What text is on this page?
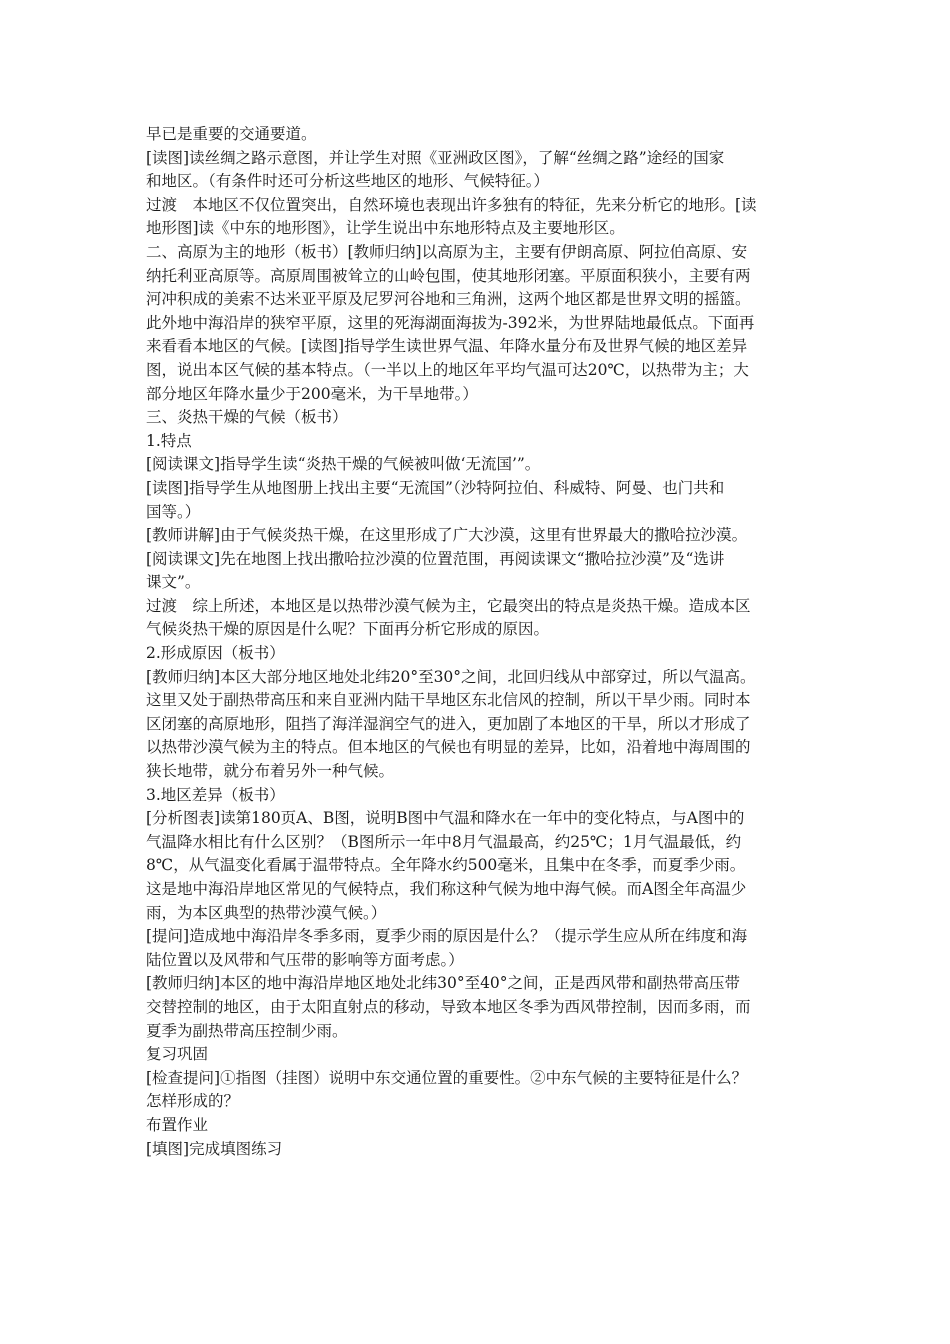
早已是重要的交通要道。
[读图]读丝绸之路示意图，并让学生对照《亚洲政区图》，了解“丝绸之路”途经的国家
和地区。（有条件时还可分析这些地区的地形、气候特征。）
过渡　本地区不仅位置突出，自然环境也表现出许多独有的特征，先来分析它的地形。[读
地形图]读《中东的地形图》，让学生说出中东地形特点及主要地形区。
二、高原为主的地形（板书）[教师归纳]以高原为主，主要有伊朗高原、阿拉伯高原、安
纳托利亚高原等。高原周围被耸立的山岭包围，使其地形闭塞。平原面积狭小，主要有两
河冲积成的美索不达米亚平原及尼罗河谷地和三角洲，这两个地区都是世界文明的摇篮。
此外地中海沿岸的狭窄平原，这里的死海湖面海拔为-392米，为世界陆地最低点。下面再
来看看本地区的气候。[读图]指导学生读世界气温、年降水量分布及世界气候的地区差异
图，说出本区气候的基本特点。（一半以上的地区年平均气温可达20℃，以热带为主；大
部分地区年降水量少于200毫米，为干旱地带。）
三、炎热干燥的气候（板书）
1.特点
[阅读课文]指导学生读“炎热干燥的气候被叫做‘无流国’”。
[读图]指导学生从地图册上找出主要“无流国”（沙特阿拉伯、科威特、阿曼、也门共和
国等。）
[教师讲解]由于气候炎热干燥，在这里形成了广大沙漠，这里有世界最大的撒哈拉沙漠。
[阅读课文]先在地图上找出撒哈拉沙漠的位置范围，再阅读课文“撒哈拉沙漠”及“选讲
课文”。
过渡　综上所述，本地区是以热带沙漠气候为主，它最突出的特点是炎热干燥。造成本区
气候炎热干燥的原因是什么呢？下面再分析它形成的原因。
2.形成原因（板书）
[教师归纳]本区大部分地区地处北纬20°至30°之间，北回归线从中部穿过，所以气温高。
这里又处于副热带高压和来自亚洲内陆干旱地区东北信风的控制，所以干旱少雨。同时本
区闭塞的高原地形，阻挡了海洋湿润空气的进入，更加剧了本地区的干旱，所以才形成了
以热带沙漠气候为主的特点。但本地区的气候也有明显的差异，比如，沿着地中海周围的
狭长地带，就分布着另外一种气候。
3.地区差异（板书）
[分析图表]读第180页A、B图，说明B图中气温和降水在一年中的变化特点，与A图中的
气温降水相比有什么区别？（B图所示一年中8月气温最高，约25℃；1月气温最低，约
8℃，从气温变化看属于温带特点。全年降水约500毫米，且集中在冬季，而夏季少雨。
这是地中海沿岸地区常见的气候特点，我们称这种气候为地中海气候。而A图全年高温少
雨，为本区典型的热带沙漠气候。）
[提问]造成地中海沿岸冬季多雨，夏季少雨的原因是什么？（提示学生应从所在纬度和海
陆位置以及风带和气压带的影响等方面考虑。）
[教师归纳]本区的地中海沿岸地区地处北纬30°至40°之间，正是西风带和副热带高压带
交替控制的地区，由于太阳直射点的移动，导致本地区冬季为西风带控制，因而多雨，而
夏季为副热带高压控制少雨。
复习巩固
[检查提问]①指图（挂图）说明中东交通位置的重要性。②中东气候的主要特征是什么？
怎样形成的？
布置作业
[填图]完成填图练习
